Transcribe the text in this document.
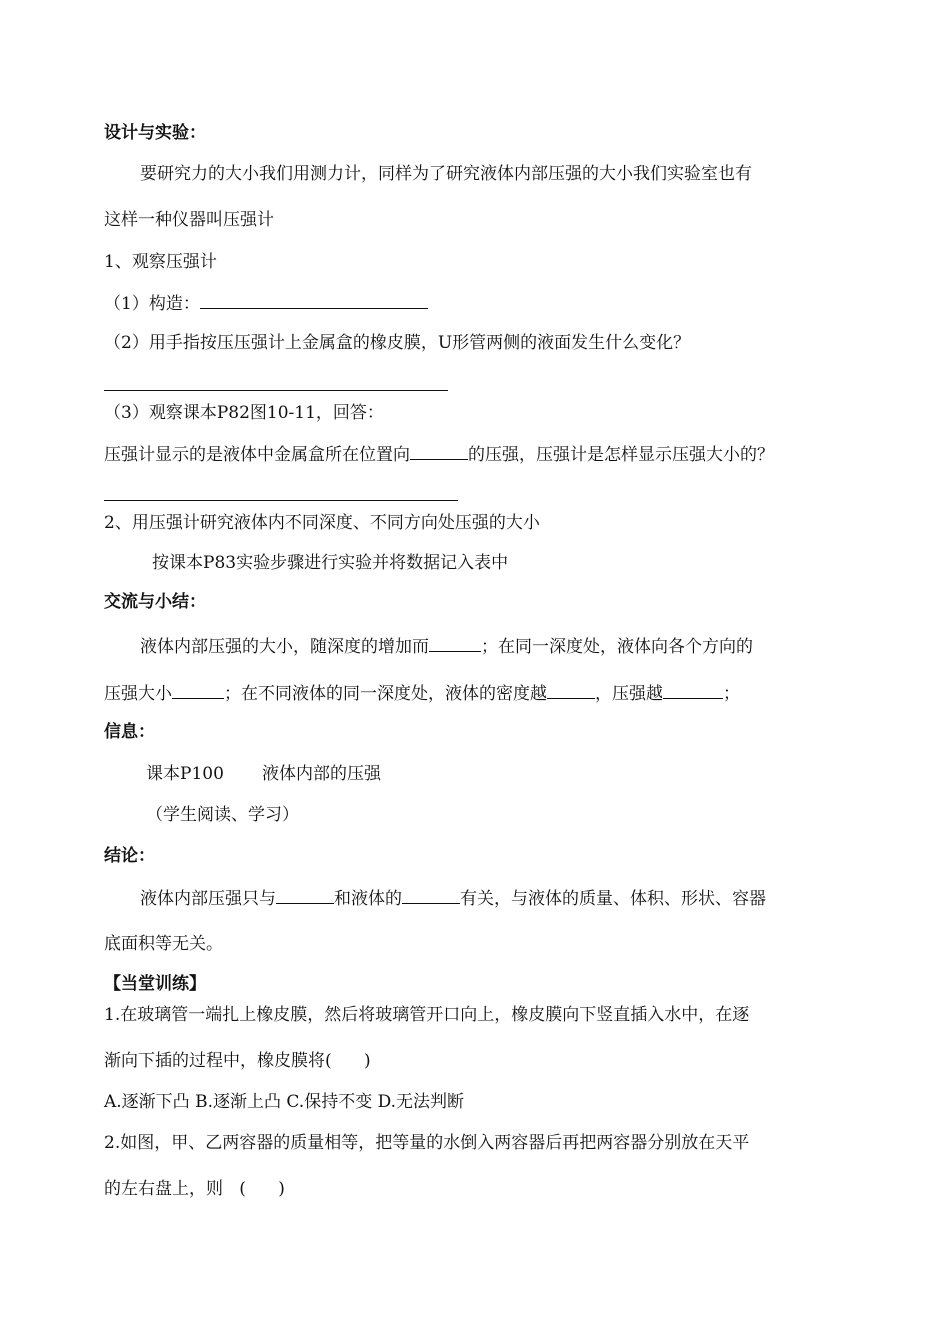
设计与实验：
要研究力的大小我们用测力计，同样为了研究液体内部压强的大小我们实验室也有
这样一种仪器叫压强计
1、观察压强计
（1）构造：
（2）用手指按压压强计上金属盒的橡皮膜，U形管两侧的液面发生什么变化？
（3）观察课本P82图10-11，回答：
压强计显示的是液体中金属盒所在位置向	的压强，压强计是怎样显示压强大小的？
2、用压强计研究液体内不同深度、不同方向处压强的大小
按课本P83实验步骤进行实验并将数据记入表中
交流与小结：
液体内部压强的大小，随深度的增加而	；在同一深度处，液体向各个方向的
压强大小	；在不同液体的同一深度处，液体的密度越	，压强越	；
信息：
课本P100 液体内部的压强
（学生阅读、学习）
结论：
液体内部压强只与	和液体的	有关，与液体的质量、体积、形状、容器
底面积等无关。
【当堂训练】
1.在玻璃管一端扎上橡皮膜，然后将玻璃管开口向上，橡皮膜向下竖直插入水中，在逐
渐向下插的过程中，橡皮膜将(      )
A.逐渐下凸 B.逐渐上凸 C.保持不变 D.无法判断
2.如图，甲、乙两容器的质量相等，把等量的水倒入两容器后再把两容器分别放在天平
的左右盘上，则   (      )
